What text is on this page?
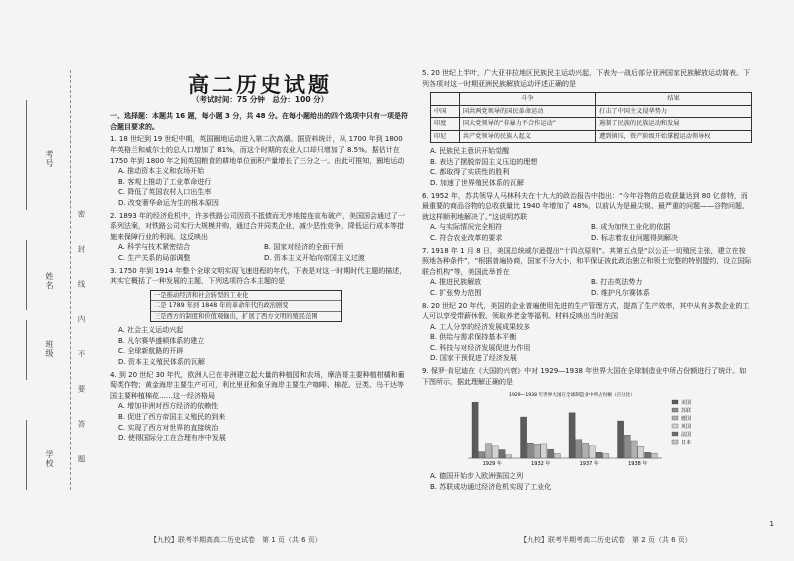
考号
姓名
班级
学校
密
封
线
内
不
要
答
题
高二历史试题
（考试时间：75 分钟　总分：100 分）
一、选择题：本题共 16 题，每小题 3 分，共 48 分。在每小题给出的四个选项中只有一项是符合题目要求的。
1. 18 世纪到 19 世纪中期，英国圈地运动进入第二次高潮。据资料统计，从 1700 年到 1800 年英格兰和威尔士的总人口增加了 81%，而这个时期的农业人口却只增加了 8.5%。据估计在 1750 年到 1800 年之间英国粮食的耕地单位面积产量增长了三分之一。由此可推知，圈地运动
A. 推动资本主义和农场开始
B. 客观上推动了工业革命进行
C. 降低了英国农村人口出生率
D. 改变奢华命运为生的根本原因
2. 1893 年的经济危机中，许多铁路公司因资不抵债而无序地接连宣布破产，美国国会通过了一系列法案，对铁路公司实行大规模并购，通过合并同类企业，减少恶性竞争，降低运行成本等措施来保障行业的利润。这反映出
A. 科学与技术紧密结合	B. 国家对经济的全面干预
C. 生产关系的局部调整	D. 资本主义开始向帝国主义过渡
3. 1750 年到 1914 年整个全球文明实现飞速进程的年代，下表是对这一时期时代主题的描述，其实它概括了一种发展的主题，下列选项符合本主题的是
一是推动经济和社会转型的工业化
二是 1789 年到 1848 年的革命年代的政治剧变
三是西方的制度和价值观输出，扩展了西方文明的殖民范围
A. 社会主义运动兴起
B. 凡尔赛华盛顿体系的建立
C. 全球新航路的开辟
D. 资本主义殖民体系的瓦解
4. 到 20 世纪 30 年代，欧洲人已在非洲建立起大量的种植园和农场，摩洛哥主要种植柑橘和葡萄类作物；黄金海岸主要生产可可，利比里亚和象牙海岸主要生产咖啡、棉花、豆类、乌干达等国主要种植棉花……这一经济格局
A. 增加非洲对西方经济的依赖性
B. 促进了西方帝国主义殖民的到来
C. 实现了西方对世界的直接统治
D. 使得国际分工在合理有序中发展
5. 20 世纪上半叶，广大亚非拉地区民族民主运动兴起，下表为一战后部分亚洲国家民族解放运动简表。下列各项对这一时期亚洲民族解放运动评述正确的是
	斗争	结果
中国	国共两党领导的国民革命运动	打击了中国主义侵华势力
印度	国大党领导的“非暴力不合作运动”	遏制了民族的民族运动和发展
印尼	共产党领导的民族人起义	遭到镇压，资产阶级开始掌握运动领导权
A. 民族民主意识开始觉醒
B. 表达了摆脱帝国主义压迫的理想
C. 都取得了实质性的胜利
D. 加速了世界殖民体系的瓦解
6. 1952 年，苏共领导人马林科夫在十九大的政治报告中指出：“今年谷物的总收获量达到 80 亿普特，而最重要的商品谷物的总收获量比 1940 年增加了 48%，以前认为是最尖锐、最严重的问题——谷物问题，就这样顺利地解决了。”这说明苏联
A. 与实际情况完全相符	B. 成为加快工业化的依据
C. 符合农业改革的要求	D. 标志着农业问题得到解决
7. 1918 年 1 月 8 日，美国总统威尔逊提出“十四点原则”。其第五点是“以公正一切殖民主张，建立在按照地各种条件”，“根据普遍协商，国家不分大小，和平保证彼此政治独立和领土完整的特别盟约，设立国际联合机构”等，美国此举旨在
A. 推进民族解放	B. 打击英法势力
C. 扩张势力范围	D. 维护凡尔赛体系
8. 20 世纪 20 年代，美国的企业普遍使用先进的生产管理方式，提高了生产效率，其中从有多数企业的工人可以享受带薪休假、领取养老金等福利。材料反映出当时美国
A. 工人分享的经济发展成果较多
B. 供给与需求保持基本平衡
C. 科技与对经济发展促进力作用
D. 国家干预促进了经济发展
9. 保罗·肯尼迪在《大国的兴衰》中对 1929—1938 年世界大国在全球制造业中所占份额进行了统计。如下图所示，据此理解正确的是
1929—1938 年世界大国在全球制造业中所占份额（百分比）
1929 年	1932 年	1937 年	1938 年
美国
苏联
德国
英国
法国
日本
A. 德国开始步入欧洲强国之列
B. 苏联成功通过经济危机实现了工业化
【九校】联考半期高高二历史试卷　第 1 页（共 6 页）	【九校】联考半期考高二历史试卷　第 2 页（共 6 页）
1
